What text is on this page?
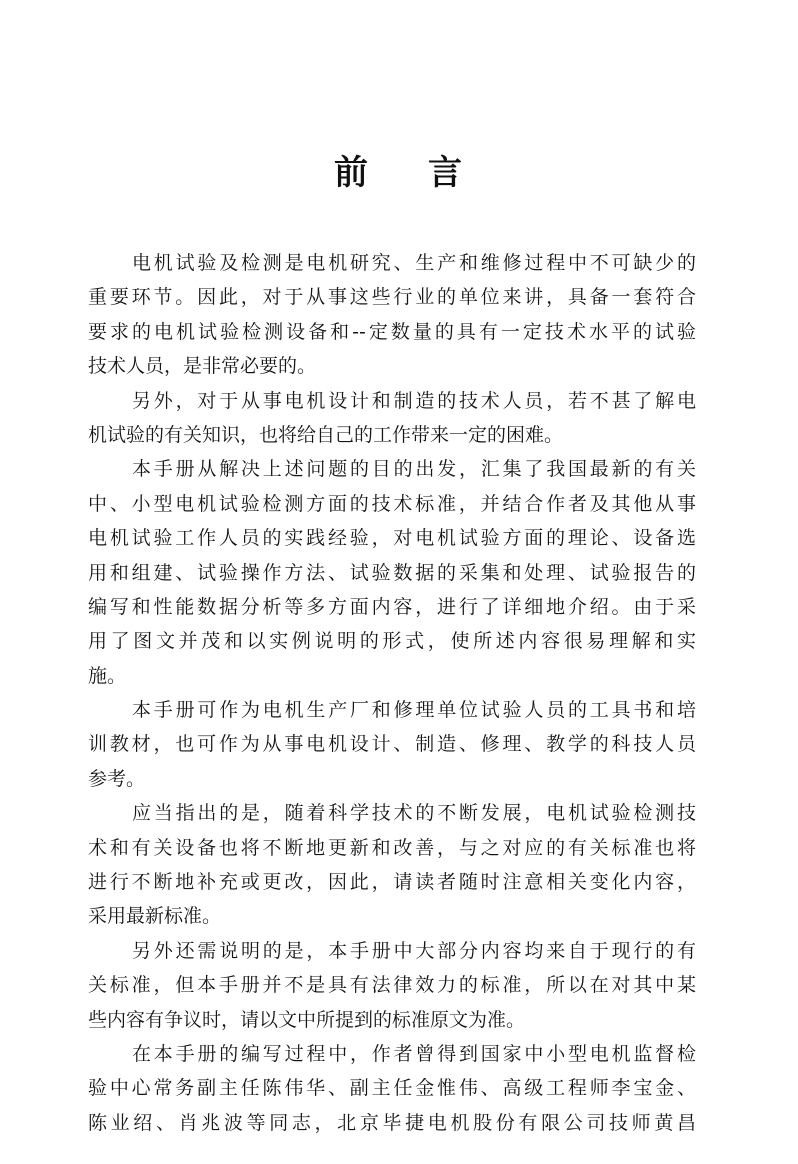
前 言
电机试验及检测是电机研究、生产和维修过程中不可缺少的
重要环节。因此，对于从事这些行业的单位来讲，具备一套符合
要求的电机试验检测设备和--定数量的具有一定技术水平的试验
技术人员，是非常必要的。
另外，对于从事电机设计和制造的技术人员，若不甚了解电
机试验的有关知识，也将给自己的工作带来一定的困难。
本手册从解决上述问题的目的出发，汇集了我国最新的有关
中、小型电机试验检测方面的技术标准，并结合作者及其他从事
电机试验工作人员的实践经验，对电机试验方面的理论、设备选
用和组建、试验操作方法、试验数据的采集和处理、试验报告的
编写和性能数据分析等多方面内容，进行了详细地介绍。由于采
用了图文并茂和以实例说明的形式，使所述内容很易理解和实
施。
本手册可作为电机生产厂和修理单位试验人员的工具书和培
训教材，也可作为从事电机设计、制造、修理、教学的科技人员
参考。
应当指出的是，随着科学技术的不断发展，电机试验检测技
术和有关设备也将不断地更新和改善，与之对应的有关标准也将
进行不断地补充或更改，因此，请读者随时注意相关变化内容，
采用最新标准。
另外还需说明的是，本手册中大部分内容均来自于现行的有
关标准，但本手册并不是具有法律效力的标准，所以在对其中某
些内容有争议时，请以文中所提到的标准原文为准。
在本手册的编写过程中，作者曾得到国家中小型电机监督检
验中心常务副主任陈伟华、副主任金惟伟、高级工程师李宝金、
陈业绍、肖兆波等同志，北京毕捷电机股份有限公司技师黄昌
